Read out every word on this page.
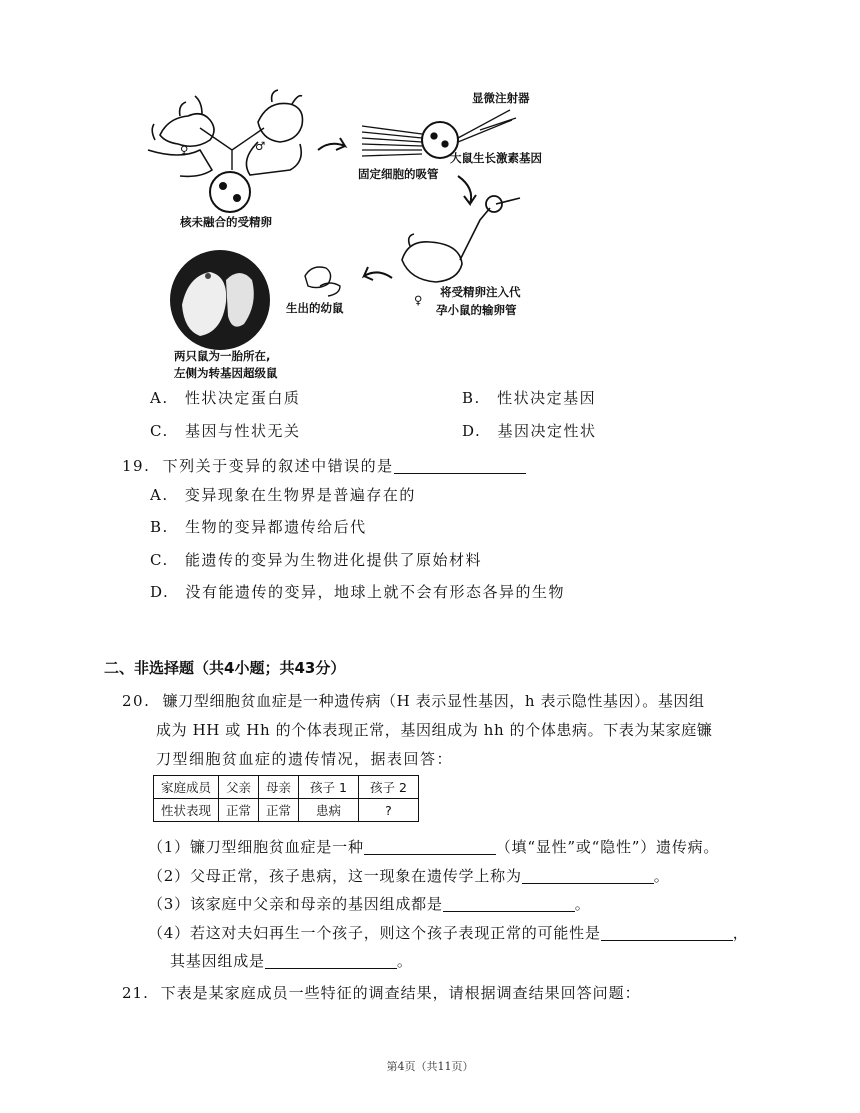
♀	♂
核未融合的受精卵
显微注射器
大鼠生长激素基因
固定细胞的吸管
♀
将受精卵注入代
孕小鼠的输卵管
生出的幼鼠
两只鼠为一胎所在,
左侧为转基因超级鼠
A. 性状决定蛋白质	B. 性状决定基因
C. 基因与性状无关	D. 基因决定性状
19. 下列关于变异的叙述中错误的是
A. 变异现象在生物界是普遍存在的
B. 生物的变异都遗传给后代
C. 能遗传的变异为生物进化提供了原始材料
D. 没有能遗传的变异，地球上就不会有形态各异的生物
二、非选择题（共4小题；共43分）
20. 镰刀型细胞贫血症是一种遗传病（H 表示显性基因，h 表示隐性基因）。基因组
成为 HH 或 Hh 的个体表现正常，基因组成为 hh 的个体患病。下表为某家庭镰
刀型细胞贫血症的遗传情况，据表回答：
家庭成员	父亲	母亲	孩子 1	孩子 2
性状表现	正常	正常	患病	?
（1）镰刀型细胞贫血症是一种	（填“显性”或“隐性”）遗传病。
（2）父母正常，孩子患病，这一现象在遗传学上称为	。
（3）该家庭中父亲和母亲的基因组成都是	。
（4）若这对夫妇再生一个孩子，则这个孩子表现正常的可能性是	，
其基因组成是	。
21. 下表是某家庭成员一些特征的调查结果，请根据调查结果回答问题：
第4页（共11页）
